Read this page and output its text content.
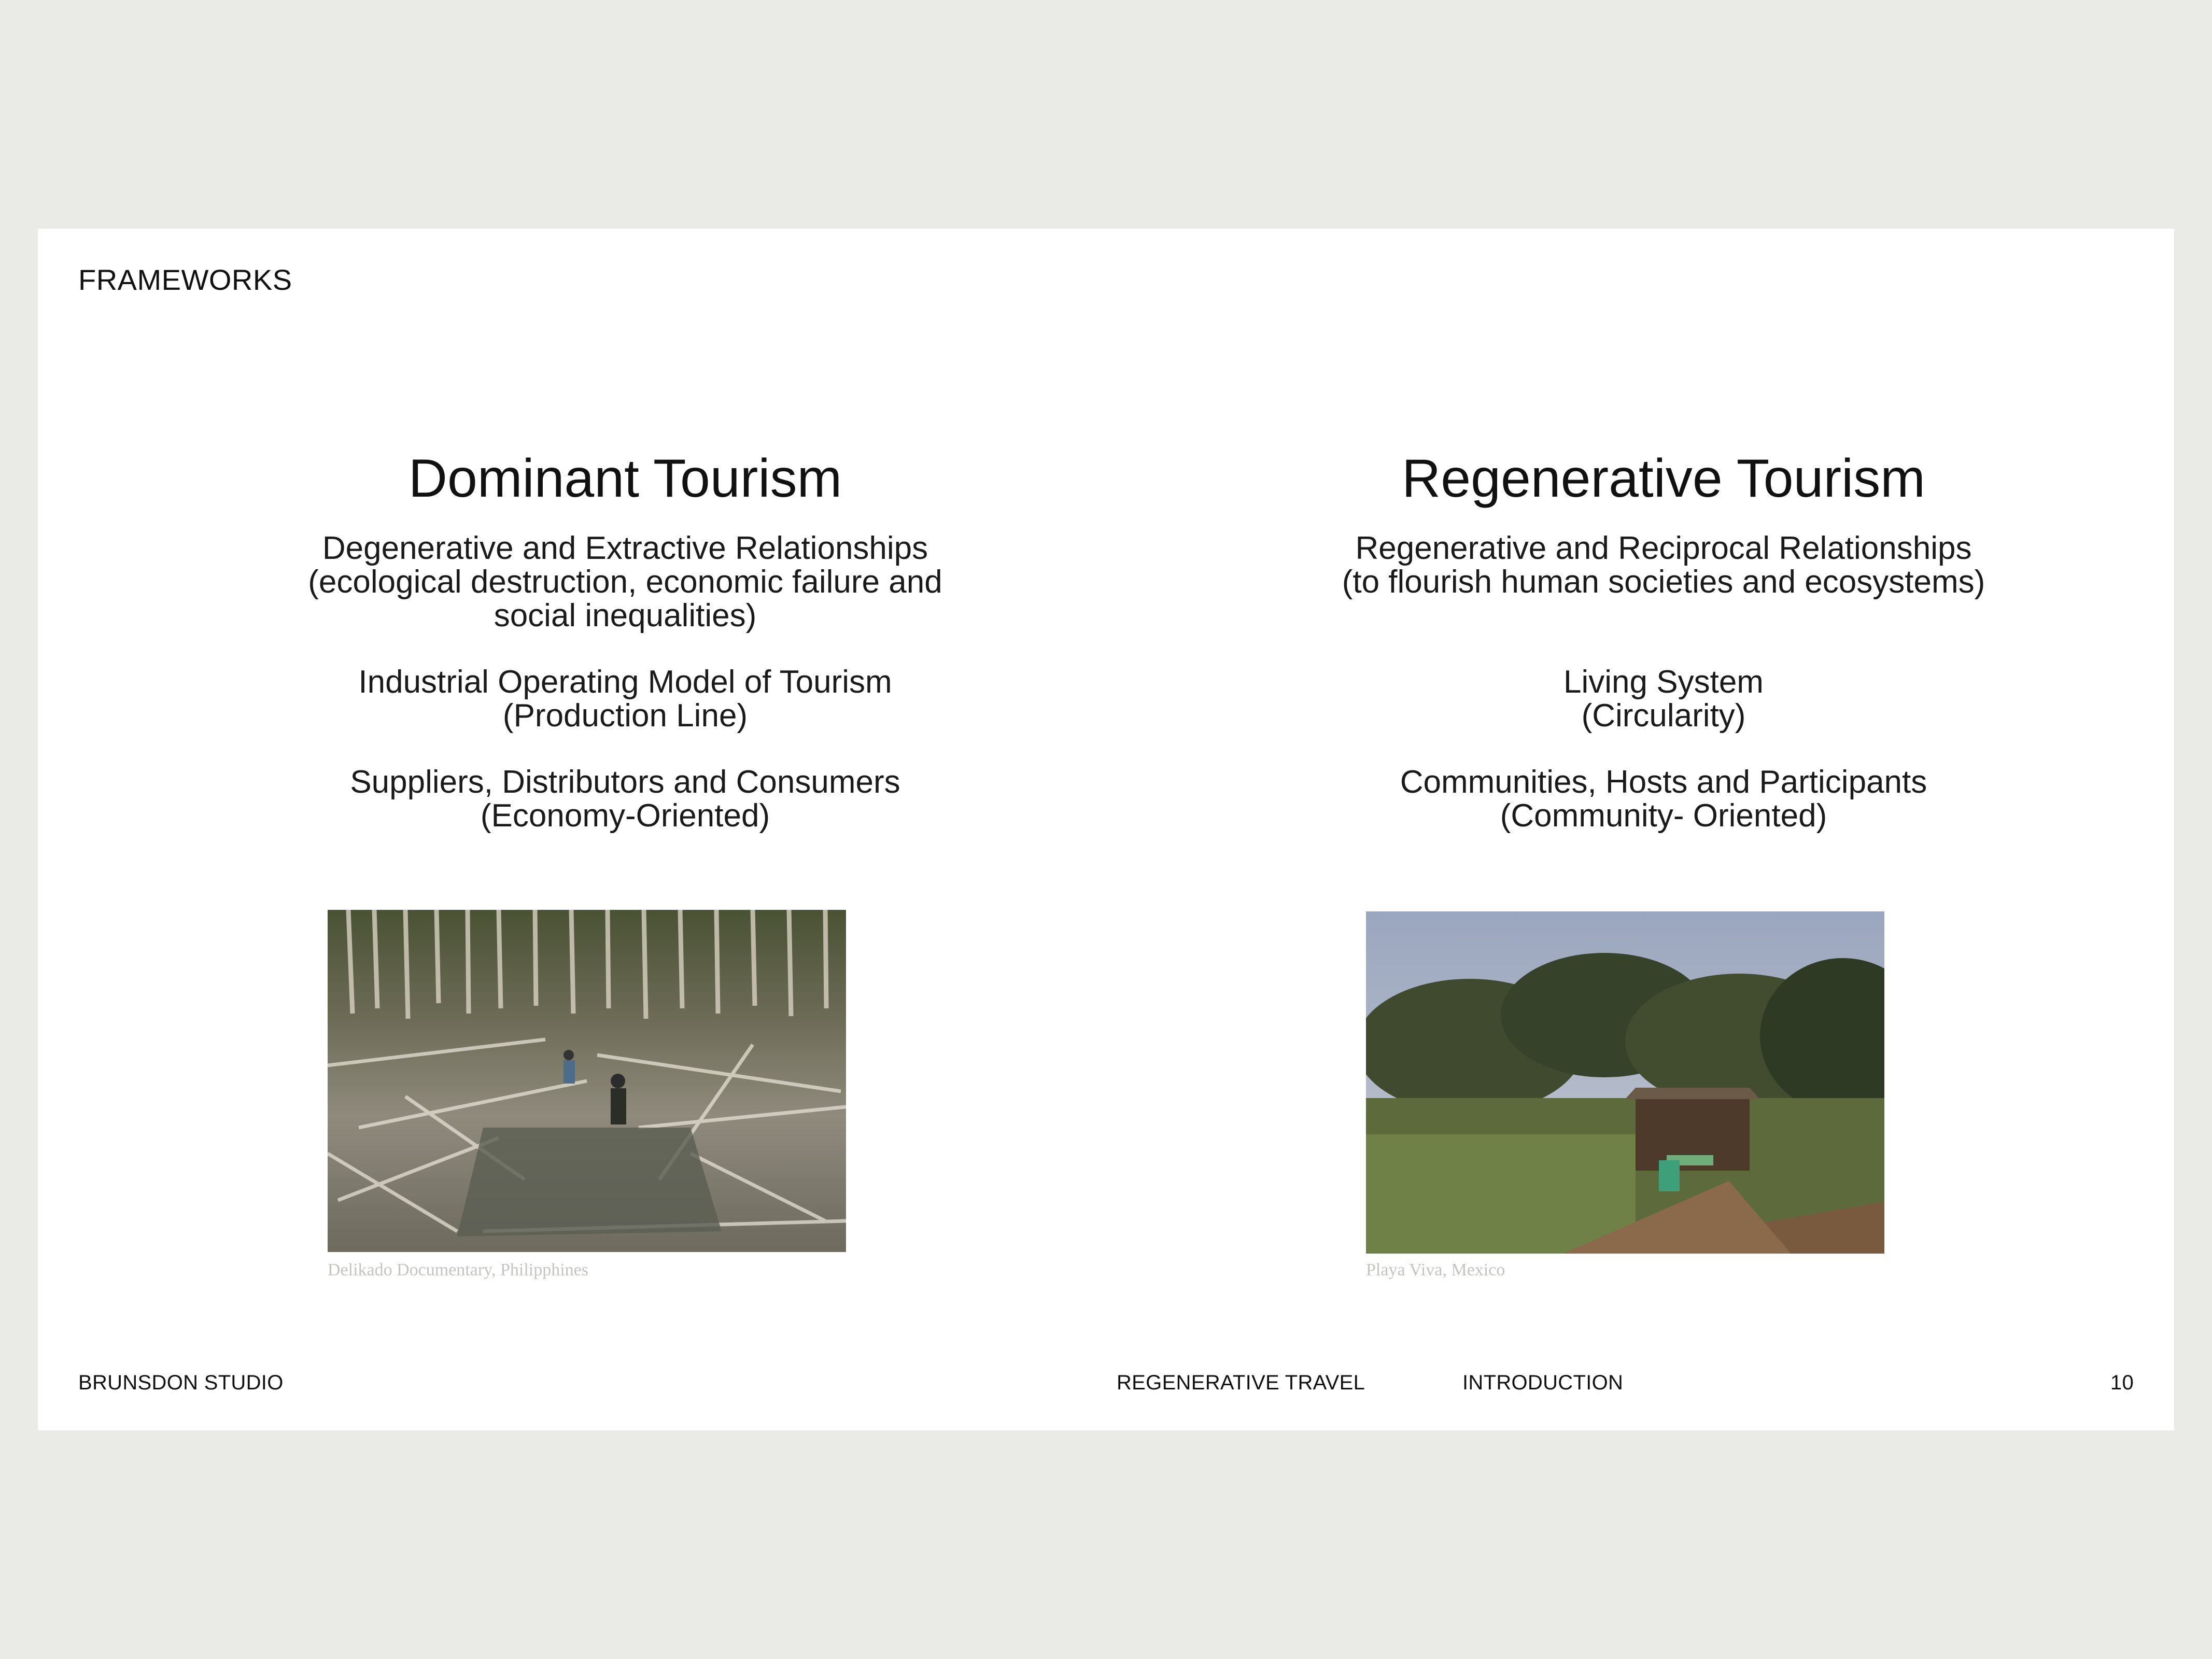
FRAMEWORKS
Dominant Tourism
Degenerative and Extractive Relationships
(ecological destruction, economic failure and
social inequalities)
Industrial Operating Model of Tourism
(Production Line)
Suppliers, Distributors and Consumers
(Economy-Oriented)
Delikado Documentary, Philipphines
Regenerative Tourism
Regenerative and Reciprocal Relationships
(to flourish human societies and ecosystems)
Living System
(Circularity)
Communities, Hosts and Participants
(Community- Oriented)
Playa Viva, Mexico
BRUNSDON STUDIO	REGENERATIVE TRAVEL	INTRODUCTION	10
